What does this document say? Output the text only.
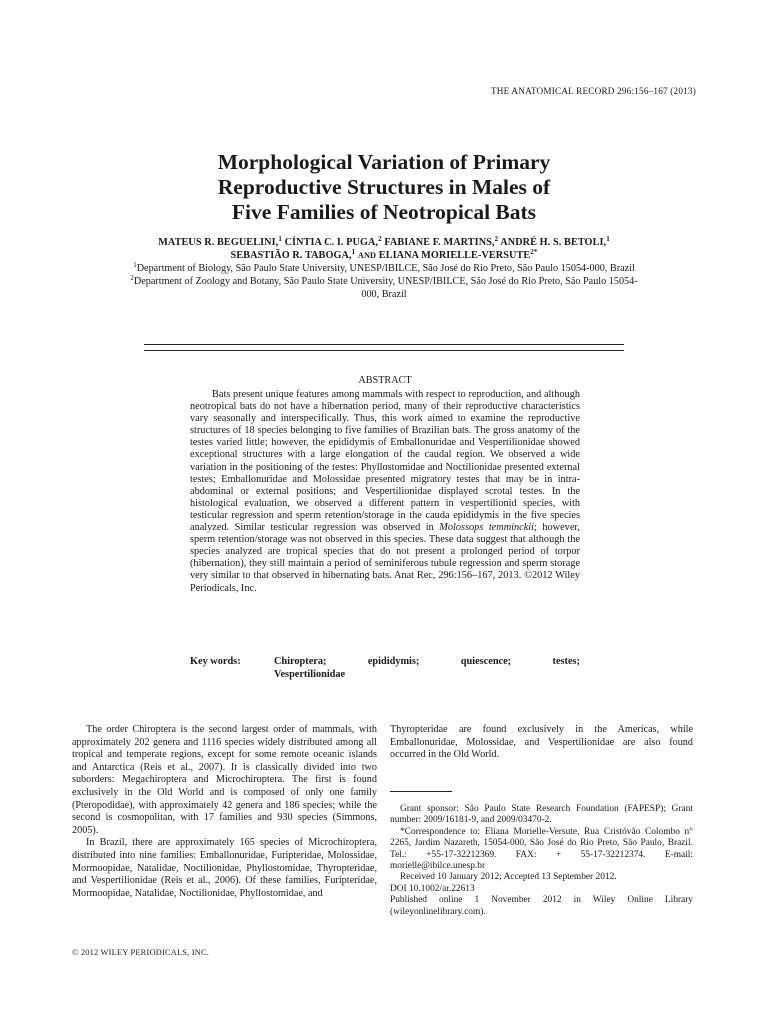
THE ANATOMICAL RECORD 296:156–167 (2013)
Morphological Variation of Primary
Reproductive Structures in Males of
Five Families of Neotropical Bats
MATEUS R. BEGUELINI,$^1$ CÍNTIA C. I. PUGA,$^2$ FABIANE F. MARTINS,$^2$ ANDRÉ H. S. BETOLI,$^1$ SEBASTIÃO R. TABOGA,$^1$ AND ELIANA MORIELLE-$VERSUTE^{2*}$

$^1$Department of Biology, São Paulo State University, UNESP/IBILCE, São José do Rio Preto, São Paulo 15054-000, Brazil

$^2$Department of Zoology and Botany, São Paulo State University, UNESP/IBILCE, São José do Rio Preto, São Paulo 15054-000, Brazil

ABSTRACT

Bats present unique features among mammals with respect to reproduction, and although neotropical bats do not have a hibernation period, many of their reproductive characteristics vary seasonally and interspecifically. Thus, this work aimed to examine the reproductive structures of 18 species belonging to five families of Brazilian bats. The gross anatomy of the testes varied little; however, the epididymis of Emballonuridae and Vespertilionidae showed exceptional structures with a large elongation of the caudal region. We observed a wide variation in the positioning of the testes: Phyllostomidae and Noctilionidae presented external testes; Emballonuridae and Molossidae presented migratory testes that may be in intra-abdominal or external positions; and Vespertilionidae displayed scrotal testes. In the histological evaluation, we observed a different pattern in vespertilionid species, with testicular regression and sperm retention/storage in the cauda epididymis in the five species analyzed. Similar testicular regression was observed in Molossops temminckii; however, sperm retention/storage was not observed in this species. These data suggest that although the species analyzed are tropical species that do not present a prolonged period of torpor (hibernation), they still maintain a period of seminiferous tubule regression and sperm storage very similar to that observed in hibernating bats. Anat Rec, 296:156–167, 2013. ©2012 Wiley Periodicals, Inc.

Key words:	Chiroptera;	epididymis;	quiescence;	testes;
Vespertilionidae

The order Chiroptera is the second largest order of mammals, with approximately 202 genera and 1116 species widely distributed among all tropical and temperate regions, except for some remote oceanic islands and Antarctica (Reis et al., 2007). It is classically divided into two suborders: Megachiroptera and Microchiroptera. The first is found exclusively in the Old World and is composed of only one family (Pteropodidae), with approximately 42 genera and 186 species; while the second is cosmopolitan, with 17 families and 930 species (Simmons, 2005).

In Brazil, there are approximately 165 species of Microchiroptera, distributed into nine families: Emballonuridae, Furipteridae, Molossidae, Mormoopidae, Natalidae, Noctilionidae, Phyllostomidae, Thyropteridae, and Vespertilionidae (Reis et al., 2006). Of these families, Furipteridae, Mormoopidae, Natalidae, Noctilionidae, Phyllostomidae, and

Thyropteridae are found exclusively in the Americas, while Emballonuridae, Molossidae, and Vespertilionidae are also found occurred in the Old World.

Grant sponsor: São Paulo State Research Foundation (FAPESP); Grant number: 2009/16181-9, and 2009/03470-2.

*Correspondence to: Eliana Morielle-Versute, Rua Cristóvão Colombo n° 2265, Jardim Nazareth, 15054-000, São José do Rio Preto, São Paulo, Brazil. Tel.: +55-17-32212369. FAX: + 55-17-32212374. E-mail: morielle@ibilce.unesp.br

Received 10 January 2012; Accepted 13 September 2012.

DOI 10.1002/ar.22613

Published online 1 November 2012 in Wiley Online Library (wileyonlinelibrary.com).

© 2012 WILEY PERIODICALS, INC.
